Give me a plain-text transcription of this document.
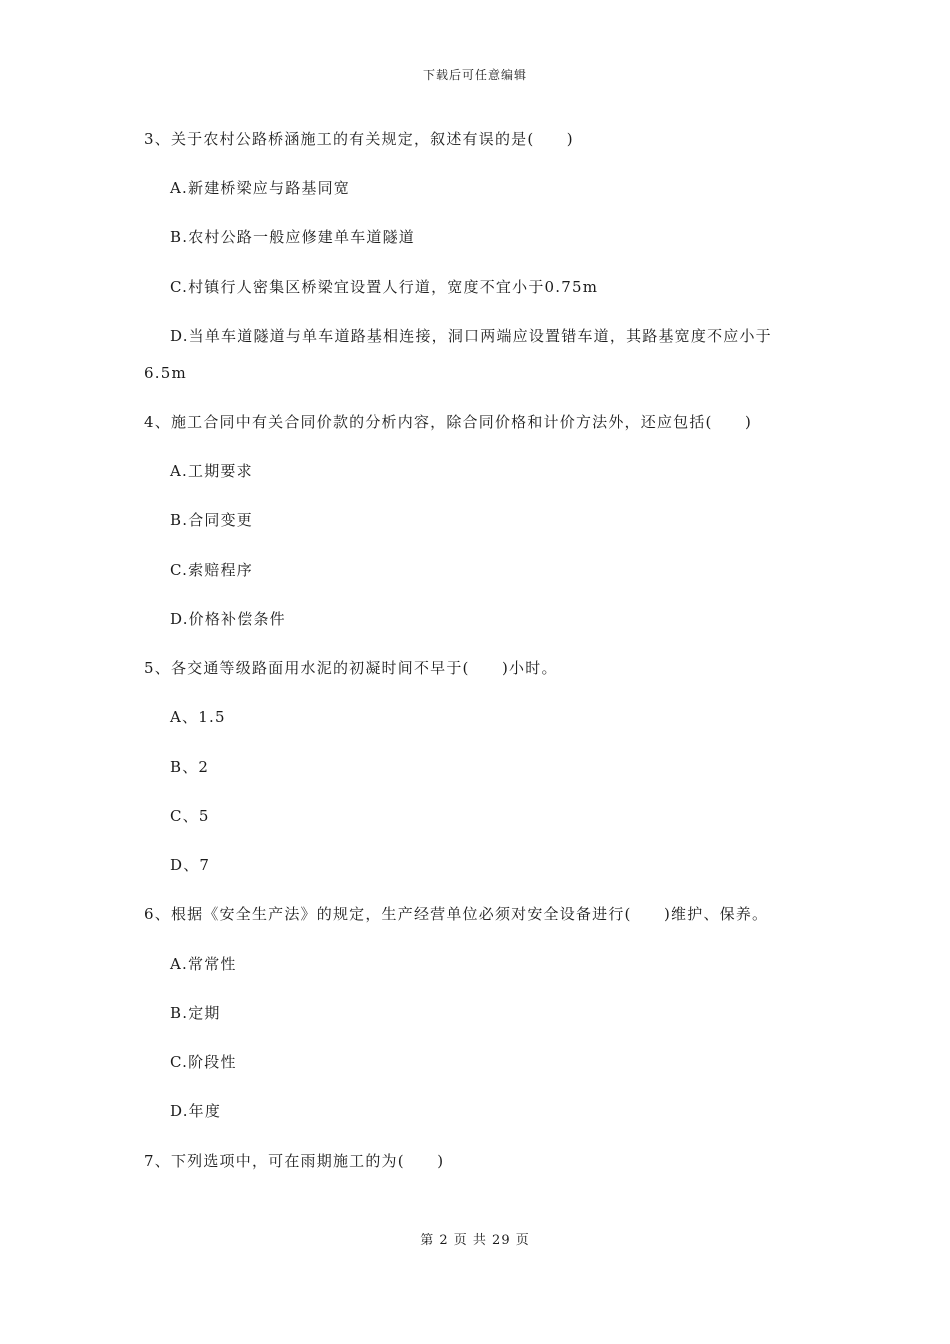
下载后可任意编辑
3、关于农村公路桥涵施工的有关规定，叙述有误的是(　　)
A.新建桥梁应与路基同宽
B.农村公路一般应修建单车道隧道
C.村镇行人密集区桥梁宜设置人行道，宽度不宜小于0.75m
D.当单车道隧道与单车道路基相连接，洞口两端应设置错车道，其路基宽度不应小于
6.5m
4、施工合同中有关合同价款的分析内容，除合同价格和计价方法外，还应包括(　　)
A.工期要求
B.合同变更
C.索赔程序
D.价格补偿条件
5、各交通等级路面用水泥的初凝时间不早于(　　)小时。
A、1.5
B、2
C、5
D、7
6、根据《安全生产法》的规定，生产经营单位必须对安全设备进行(　　)维护、保养。
A.常常性
B.定期
C.阶段性
D.年度
7、下列选项中，可在雨期施工的为(　　)
第 2 页 共 29 页
